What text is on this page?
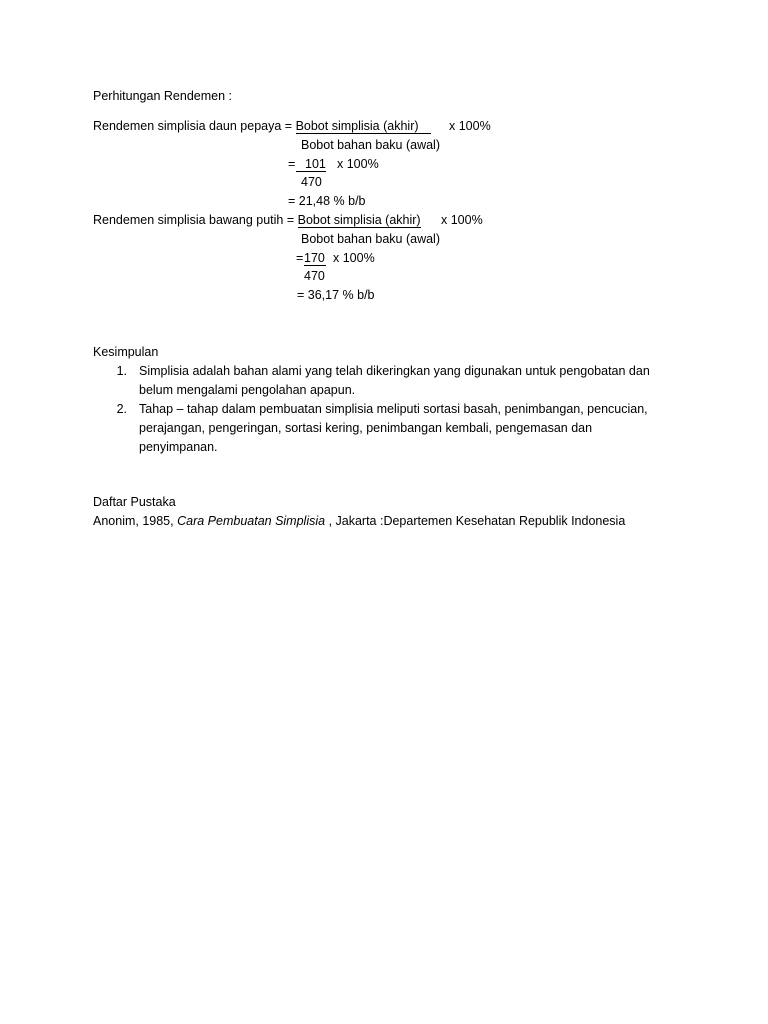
Perhitungan Rendemen :
Rendemen simplisia daun pepaya = Bobot simplisia (akhir)	x 100%
Bobot bahan baku (awal)
= 101 x 100%
470
= 21,48 % b/b
Rendemen simplisia bawang putih = Bobot simplisia (akhir) x 100%
Bobot bahan baku (awal)
= 170 x 100%
470
= 36,17 % b/b
Kesimpulan
1. Simplisia adalah bahan alami yang telah dikeringkan yang digunakan untuk pengobatan dan
belum mengalami pengolahan apapun.
2. Tahap – tahap dalam pembuatan simplisia meliputi sortasi basah, penimbangan, pencucian,
perajangan, pengeringan, sortasi kering, penimbangan kembali, pengemasan dan
penyimpanan.
Daftar Pustaka
Anonim, 1985, Cara Pembuatan Simplisia , Jakarta :Departemen Kesehatan Republik Indonesia
